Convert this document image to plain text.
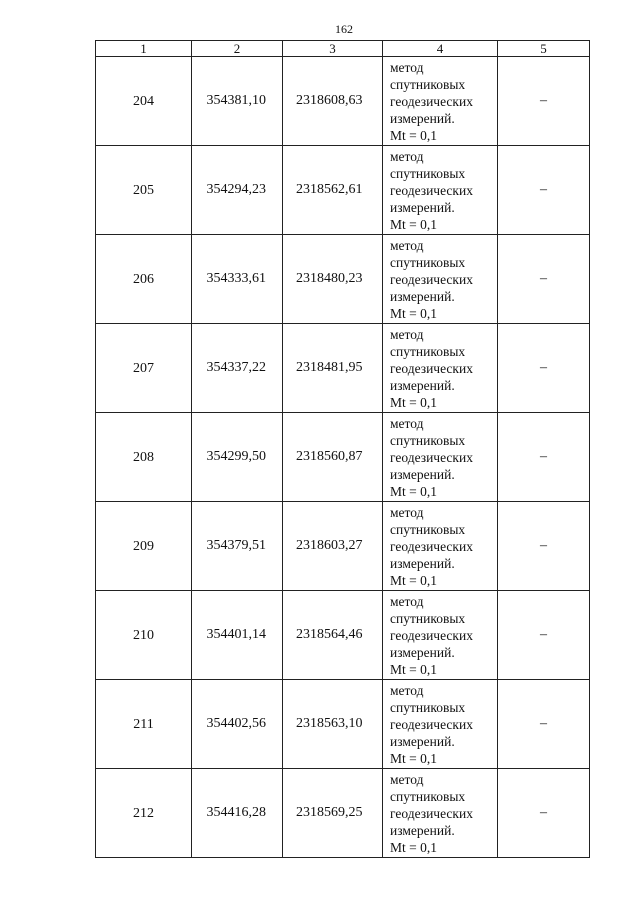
162
1	2	3	4	5
204	354381,10	2318608,63	метод
спутниковых
геодезических
измерений.
Mt = 0,1	–
205	354294,23	2318562,61	метод
спутниковых
геодезических
измерений.
Mt = 0,1	–
206	354333,61	2318480,23	метод
спутниковых
геодезических
измерений.
Mt = 0,1	–
207	354337,22	2318481,95	метод
спутниковых
геодезических
измерений.
Mt = 0,1	–
208	354299,50	2318560,87	метод
спутниковых
геодезических
измерений.
Mt = 0,1	–
209	354379,51	2318603,27	метод
спутниковых
геодезических
измерений.
Mt = 0,1	–
210	354401,14	2318564,46	метод
спутниковых
геодезических
измерений.
Mt = 0,1	–
211	354402,56	2318563,10	метод
спутниковых
геодезических
измерений.
Mt = 0,1	–
212	354416,28	2318569,25	метод
спутниковых
геодезических
измерений.
Mt = 0,1	–
